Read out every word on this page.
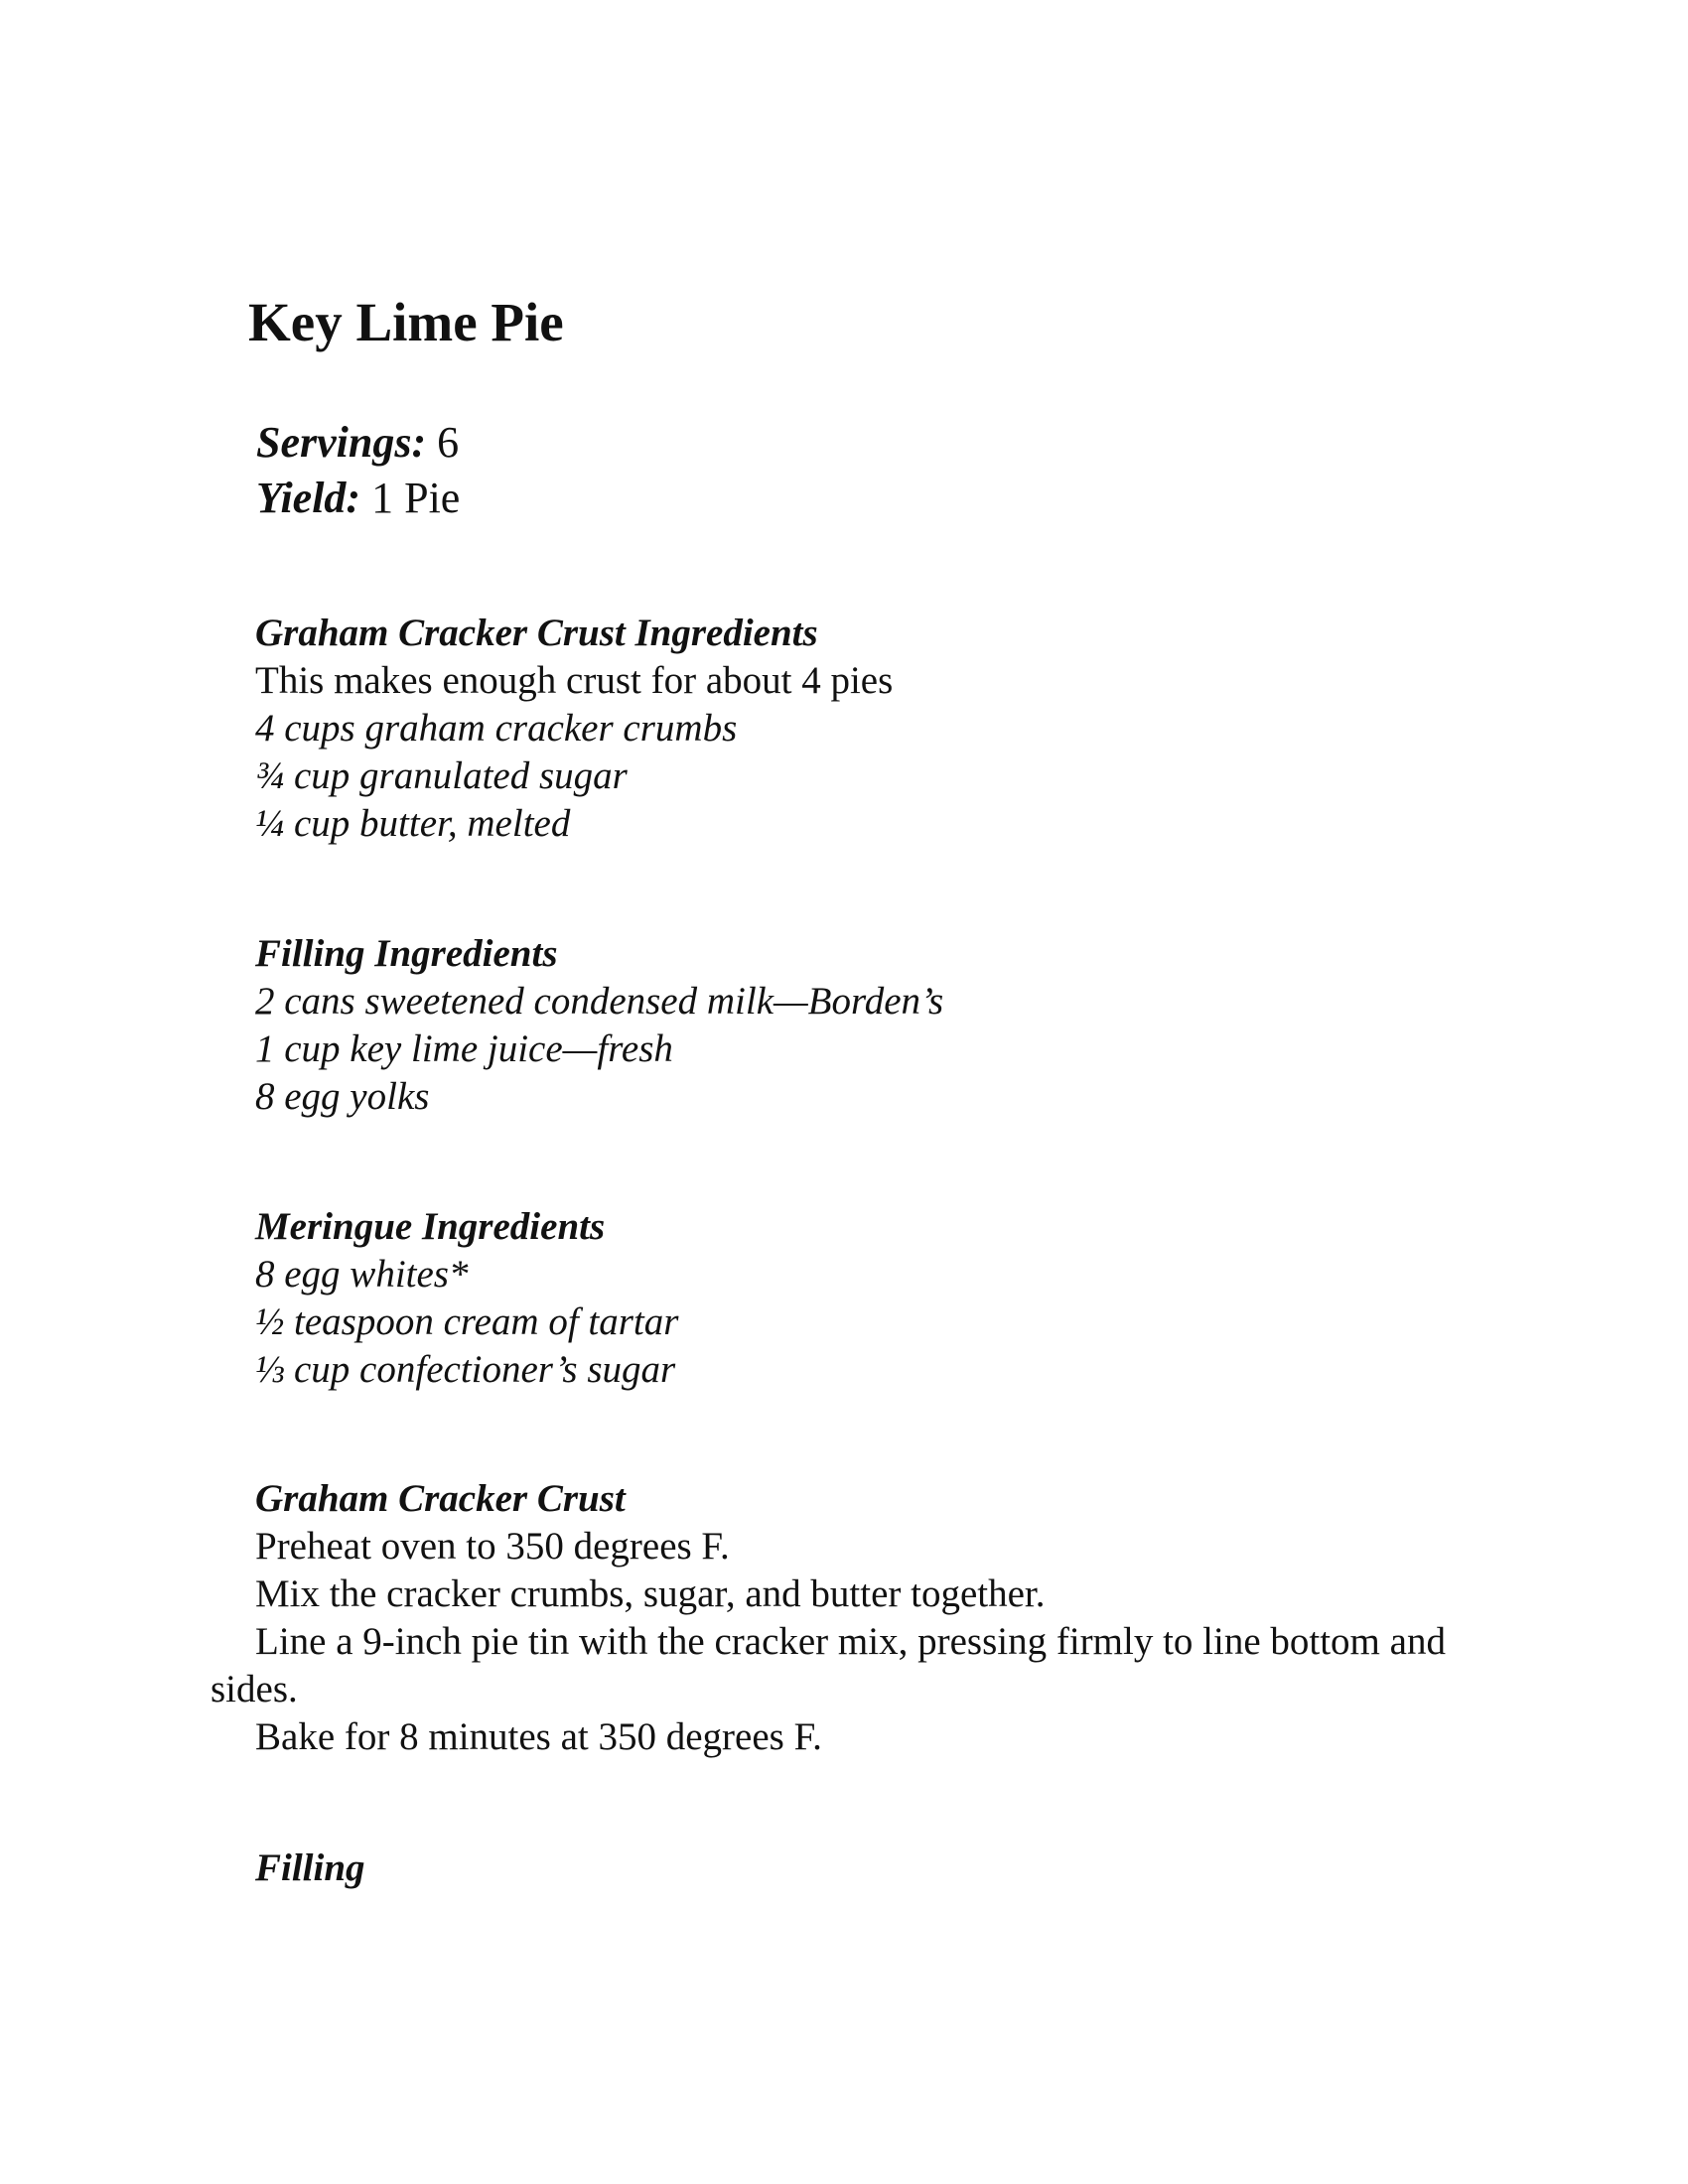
Key Lime Pie
Servings: 6
Yield: 1 Pie
Graham Cracker Crust Ingredients
This makes enough crust for about 4 pies
4 cups graham cracker crumbs
¾ cup granulated sugar
¼ cup butter, melted
Filling Ingredients
2 cans sweetened condensed milk—Borden’s
1 cup key lime juice—fresh
8 egg yolks
Meringue Ingredients
8 egg whites*
½ teaspoon cream of tartar
⅓ cup confectioner’s sugar
Graham Cracker Crust
Preheat oven to 350 degrees F.
Mix the cracker crumbs, sugar, and butter together.
Line a 9-inch pie tin with the cracker mix, pressing firmly to line bottom and sides.
Bake for 8 minutes at 350 degrees F.
Filling
